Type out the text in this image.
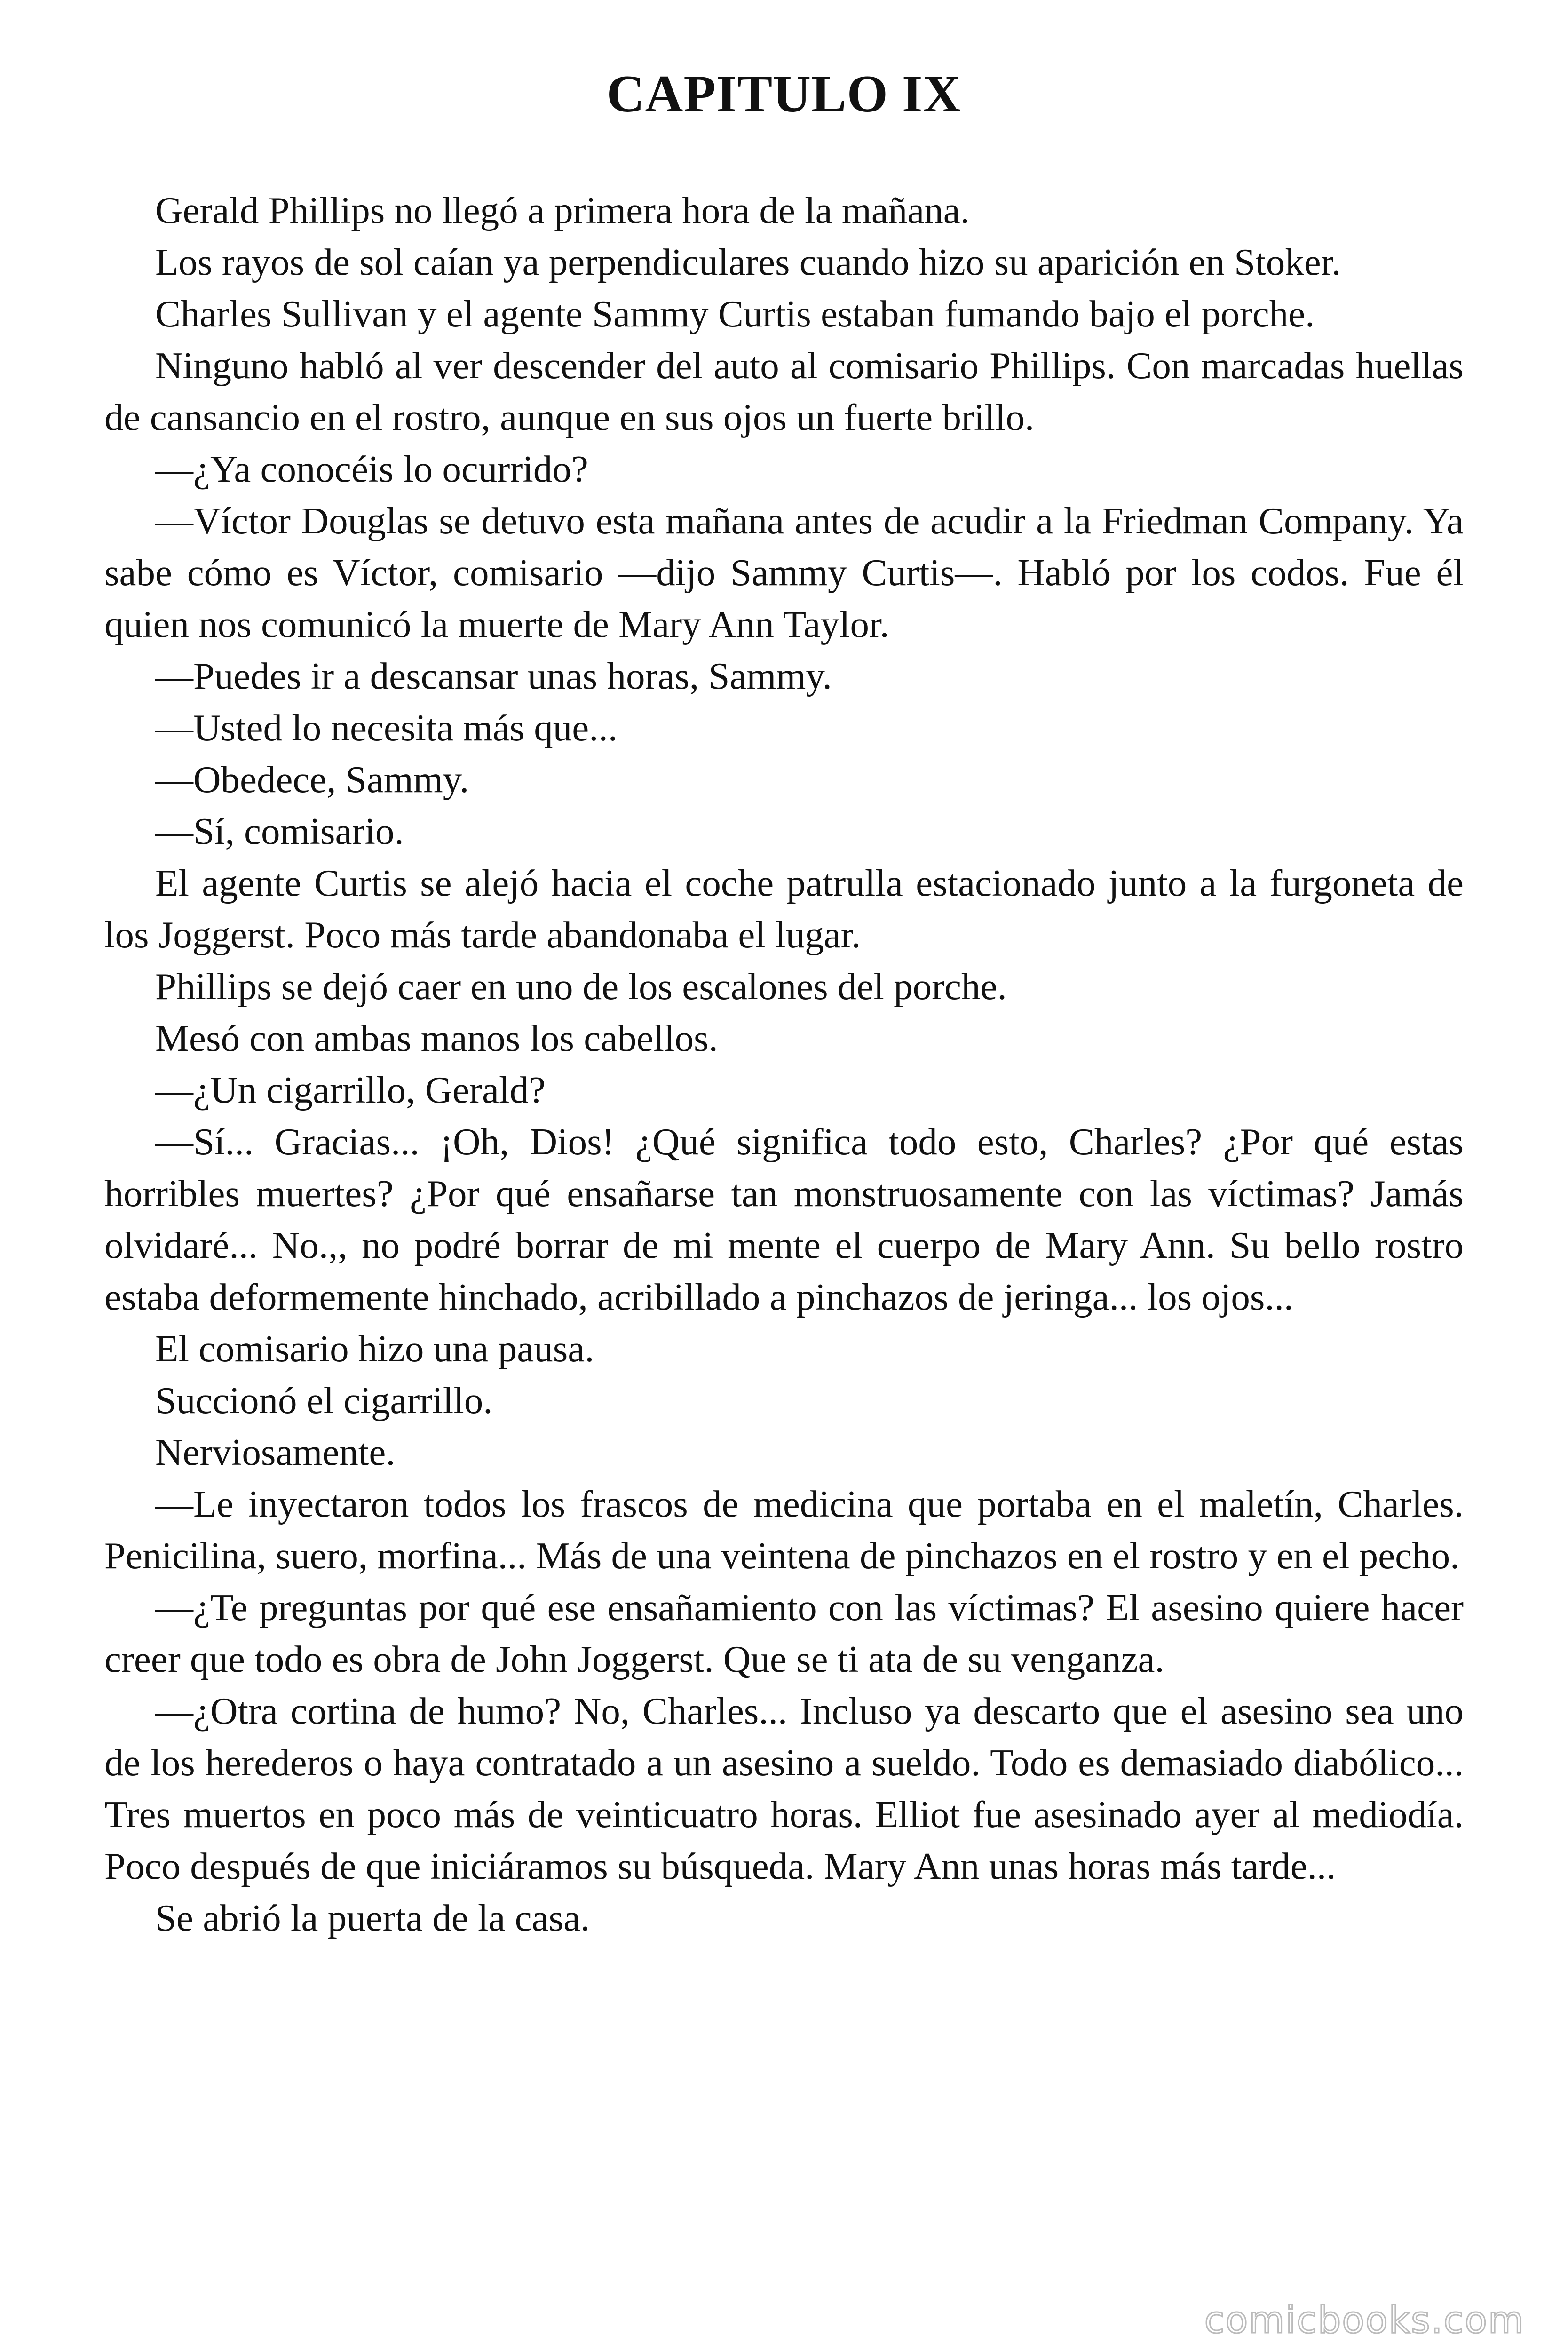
CAPITULO IX

Gerald Phillips no llegó a primera hora de la mañana.

Los rayos de sol caían ya perpendiculares cuando hizo su aparición en Stoker.

Charles Sullivan y el agente Sammy Curtis estaban fumando bajo el porche.

Ninguno habló al ver descender del auto al comisario Phillips. Con marcadas huellas de cansancio en el rostro, aunque en sus ojos un fuerte brillo.

—¿Ya conocéis lo ocurrido?

—Víctor Douglas se detuvo esta mañana antes de acudir a la Friedman Company. Ya sabe cómo es Víctor, comisario —dijo Sammy Curtis—. Habló por los codos. Fue él quien nos comunicó la muerte de Mary Ann Taylor.

—Puedes ir a descansar unas horas, Sammy.

—Usted lo necesita más que...

—Obedece, Sammy.

—Sí, comisario.

El agente Curtis se alejó hacia el coche patrulla estacionado junto a la furgoneta de los Joggerst. Poco más tarde abandonaba el lugar.

Phillips se dejó caer en uno de los escalones del porche.

Mesó con ambas manos los cabellos.

—¿Un cigarrillo, Gerald?

—Sí... Gracias... ¡Oh, Dios! ¿Qué significa todo esto, Charles? ¿Por qué estas horribles muertes? ¿Por qué ensañarse tan monstruosamente con las víctimas? Jamás olvidaré... No.,, no podré borrar de mi mente el cuerpo de Mary Ann. Su bello rostro estaba deformemente hinchado, acribillado a pinchazos de jeringa... los ojos...

El comisario hizo una pausa.

Succionó el cigarrillo.

Nerviosamente.

—Le inyectaron todos los frascos de medicina que portaba en el maletín, Charles. Penicilina, suero, morfina... Más de una veintena de pinchazos en el rostro y en el pecho.

—¿Te preguntas por qué ese ensañamiento con las víctimas? El asesino quiere hacer creer que todo es obra de John Joggerst. Que se ti ata de su venganza.

—¿Otra cortina de humo? No, Charles... Incluso ya descarto que el asesino sea uno de los herederos o haya contratado a un asesino a sueldo. Todo es demasiado diabólico... Tres muertos en poco más de veinticuatro horas. Elliot fue asesinado ayer al mediodía. Poco después de que iniciáramos su búsqueda. Mary Ann unas horas más tarde...

Se abrió la puerta de la casa.

comicbooks.com
